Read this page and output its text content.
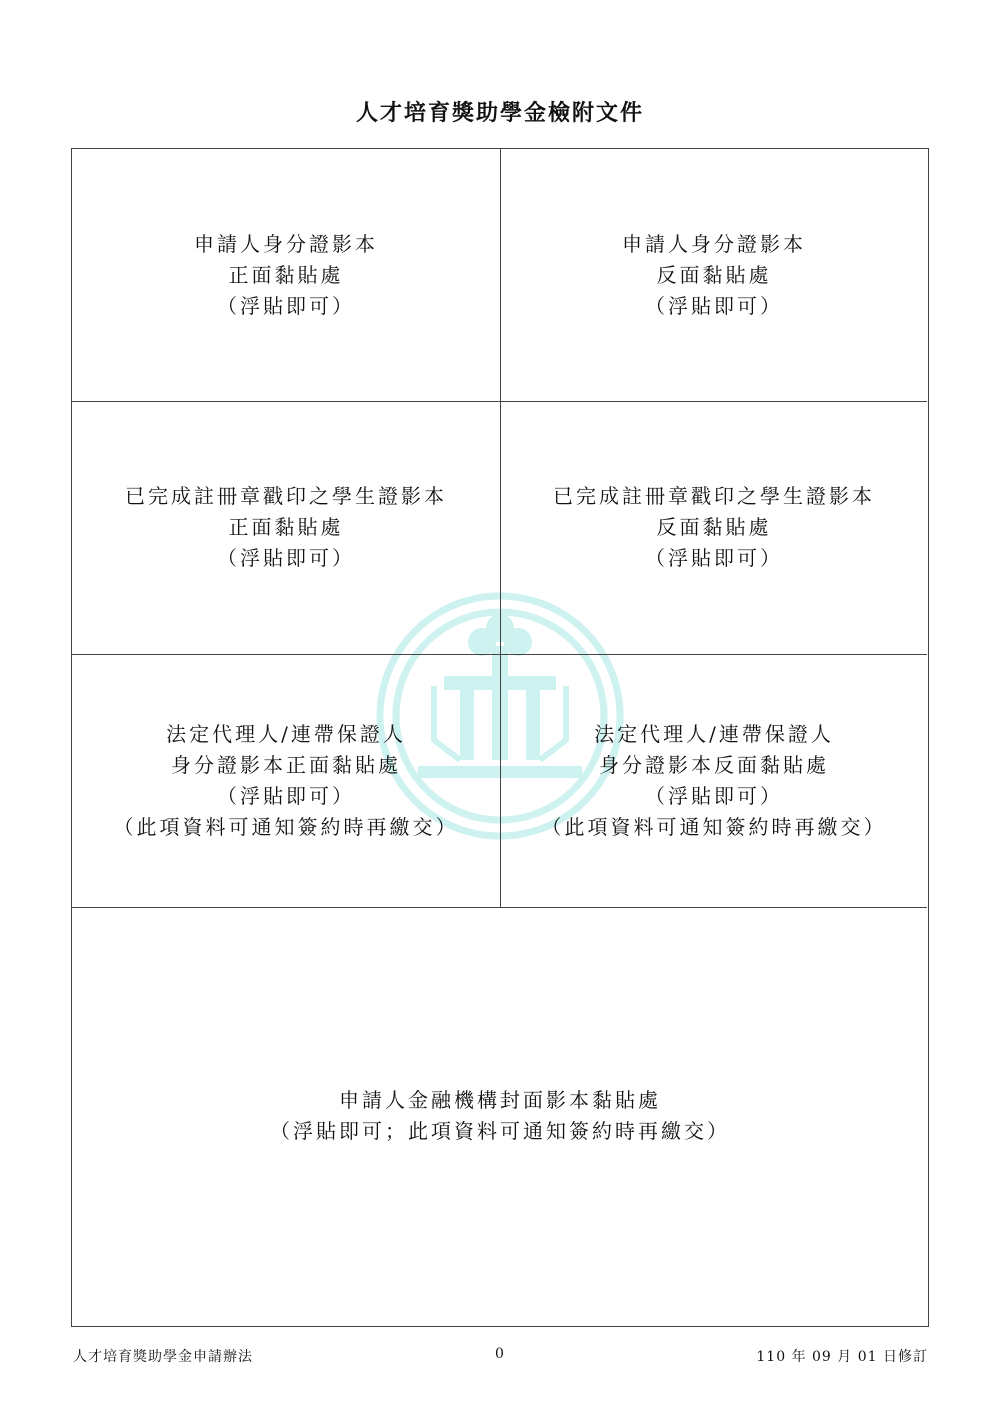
人才培育獎助學金檢附文件
申請人身分證影本
正面黏貼處
（浮貼即可）
申請人身分證影本
反面黏貼處
（浮貼即可）
已完成註冊章戳印之學生證影本
正面黏貼處
（浮貼即可）
已完成註冊章戳印之學生證影本
反面黏貼處
（浮貼即可）
法定代理人/連帶保證人
身分證影本正面黏貼處
（浮貼即可）
（此項資料可通知簽約時再繳交）
法定代理人/連帶保證人
身分證影本反面黏貼處
（浮貼即可）
（此項資料可通知簽約時再繳交）
申請人金融機構封面影本黏貼處
（浮貼即可；此項資料可通知簽約時再繳交）
人才培育獎助學金申請辦法	0	110 年 09 月 01 日修訂
